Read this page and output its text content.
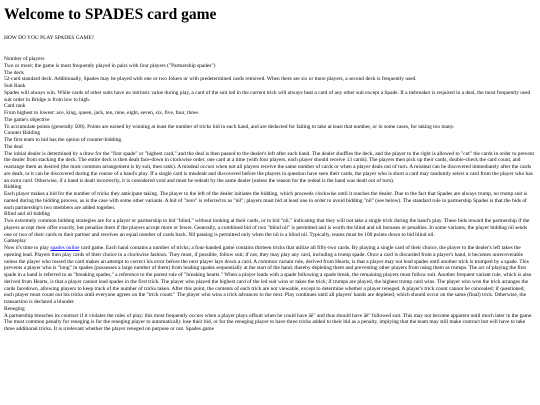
Welcome to SPADES card game
HOW DO YOU PLAY SPADES GAME?
Number of players
Two or more; the game is most frequently played in pairs with four players ("Partnership spades")
The deck
52-card standard deck. Additionally, Spades may be played with one or two Jokers or with predetermined cards removed. When there are six or more players, a second deck is frequently used.
Suit Rank
Spades will always win. While cards of other suits have no intrinsic value during play, a card of the suit led in the current trick will always beat a card of any other suit except a Spade. If a tiebreaker is required in a deal, the most frequently used suit order in Bridge is from low to high.
Card rank
From highest to lowest: ace, king, queen, jack, ten, nine, eight, seven, six, five, four, three.
The game's objective
To accumulate points (generally 500). Points are earned by winning at least the number of tricks bid in each hand, and are deducted for failing to take at least that number, or in some cases, for taking too many.
Counter Bidding
The first team to bid has the option of counter-bidding.
The deal
The initial dealer is determined by a draw for the "first spade" or "highest card," and the deal is then passed to the dealer's left after each hand. The dealer shuffles the deck, and the player to the right is allowed to "cut" the cards in order to prevent the dealer from stacking the deck. The entire deck is then dealt face-down in clockwise order, one card at a time (with four players, each player should receive 13 cards). The players then pick up their cards, double-check the card count, and rearrange them as desired (the most common arrangement is by suit, then rank). A misdeal occurs when not all players receive the same number of cards or when a player deals out of turn. A misdeal can be discovered immediately after the cards are dealt, or it can be discovered during the course of a hand's play. If a single card is misdealt and discovered before the players in question have seen their cards, the player who is short a card may randomly select a card from the player who has an extra card. Otherwise, if a hand is dealt incorrectly, it is considered void and must be redealt by the same dealer (unless the reason for the redeal is the hand was dealt out of turn).
Bidding
Each player makes a bid for the number of tricks they anticipate taking. The player to the left of the dealer initiates the bidding, which proceeds clockwise until it reaches the dealer. Due to the fact that Spades are always trump, no trump suit is named during the bidding process, as is the case with some other variants. A bid of "zero" is referred to as "nil"; players must bid at least one in order to avoid bidding "nil" (see below). The standard rule in partnership Spades is that the bids of each partnership's two members are added together.
Blind and nil bidding
Two extremely common bidding strategies are for a player or partnership to bid "blind," without looking at their cards, or to bid "nil," indicating that they will not take a single trick during the hand's play. These bids reward the partnership if the players accept their offer exactly, but penalize them if the players accept more or fewer. Generally, a combined bid of two "blind nil" is permitted and is worth the blind and nil bonuses or penalties. In some variants, the player bidding nil sends one or two of their cards to their partner and receives an equal number of cards back. Nil passing is permitted only when the nil is a blind nil. Typically, teams must be 100 points down to bid blind nil.
Gameplay
Now it's time to play spades online card game. Each hand contains a number of tricks; a four-handed game contains thirteen tricks that utilize all fifty-two cards. By playing a single card of their choice, the player to the dealer's left takes the opening lead. Players then play cards of their choice in a clockwise fashion. They must, if possible, follow suit; if not, they may play any card, including a trump spade. Once a card is discarded from a player's hand, it becomes unrecoverable unless the player who tossed the card makes an attempt to correct his error before the next player lays down a card. A common variant rule, derived from Hearts, is that a player may not lead spades until another trick is trumped by a spade. This prevents a player who is "long" in spades (possesses a large number of them) from leading spades sequentially at the start of the hand, thereby depleting them and preventing other players from using them as trumps. The act of playing the first spade in a hand is referred to as "breaking spades," a reference to the parent rule of "breaking hearts." When a player leads with a spade following a spade break, the remaining players must follow suit. Another frequent variant rule, which is also derived from Hearts, is that a player cannot lead spades in the first trick. The player who played the highest card of the led suit wins or takes the trick; if trumps are played, the highest trump card wins. The player who won the trick arranges the cards facedown, allowing players to keep track of the number of tricks taken. After this point, the contents of each trick are not viewable, except to determine whether a player reneged. A player's trick count cannot be concealed; if questioned, each player must count out his tricks until everyone agrees on the "trick count." The player who wins a trick advances to the next. Play continues until all players' hands are depleted, which should occur on the same (final) trick. Otherwise, the transaction is declared a blunder.
Reneging
A partnership breaches its contract if it violates the rules of play; this most frequently occurs when a player plays offsuit when he could have âĕ" and thus should have âĕ" followed suit. This may not become apparent until much later in the game. The most common penalty for reneging is for the reneging player to automatically lose their bid, or for the reneging player to have three tricks added to their bid as a penalty, implying that the team may still make contract but will have to take three additional tricks. It is irrelevant whether the player reneged on purpose or not. Spades game
